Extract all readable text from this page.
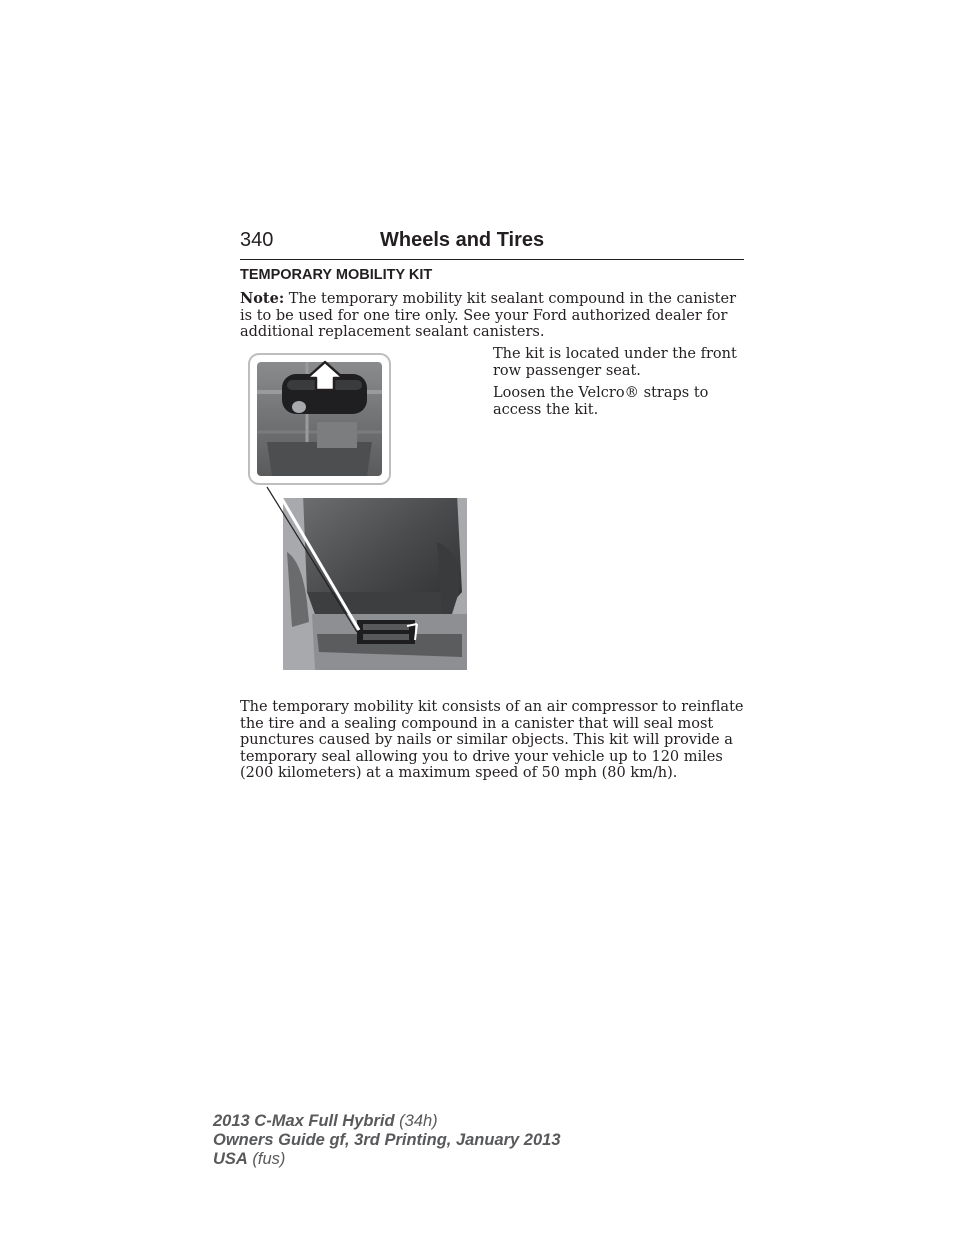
340	Wheels and Tires
TEMPORARY MOBILITY KIT

Note: The temporary mobility kit sealant compound in the canister is to be used for one tire only. See your Ford authorized dealer for additional replacement sealant canisters.

The kit is located under the front row passenger seat.

Loosen the Velcro® straps to access the kit.

The temporary mobility kit consists of an air compressor to reinflate the tire and a sealing compound in a canister that will seal most punctures caused by nails or similar objects. This kit will provide a temporary seal allowing you to drive your vehicle up to 120 miles (200 kilometers) at a maximum speed of 50 mph (80 km/h).

2013 C-Max Full Hybrid (34h)
Owners Guide gf, 3rd Printing, January 2013
USA (fus)
